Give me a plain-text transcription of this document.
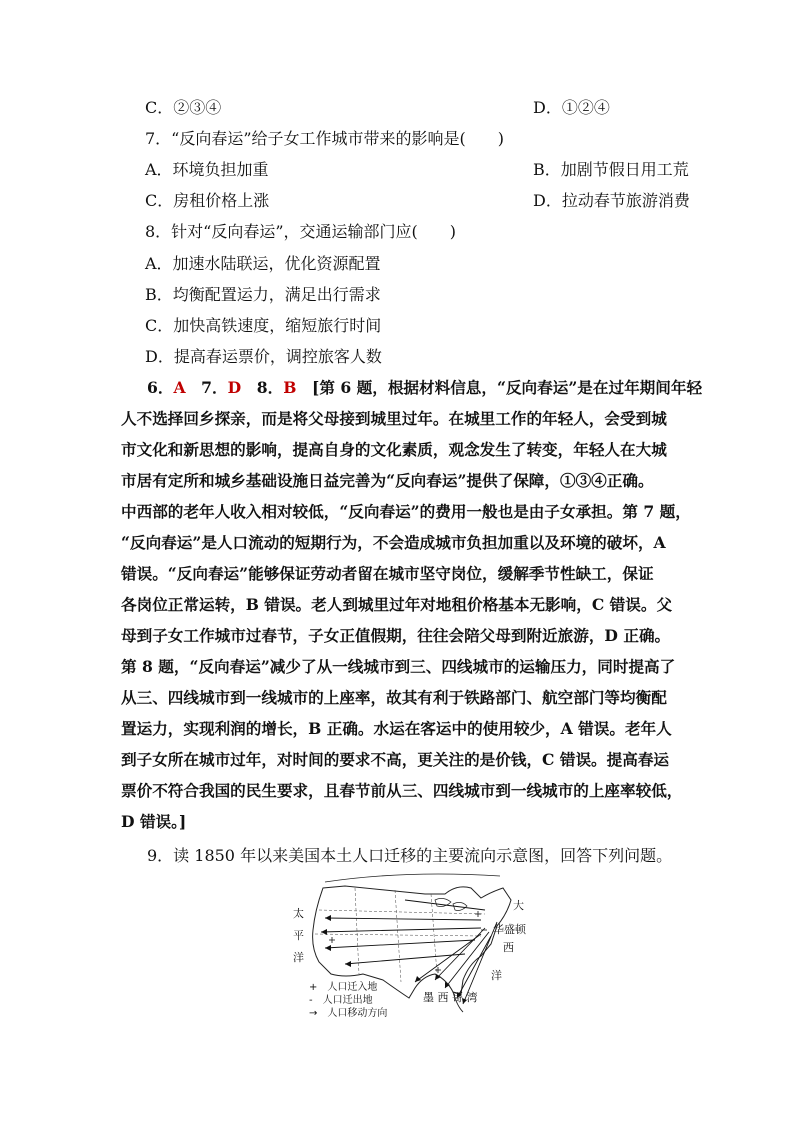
C．②③④	D．①②④
7．“反向春运”给子女工作城市带来的影响是(　　)
A．环境负担加重	B．加剧节假日用工荒
C．房租价格上涨	D．拉动春节旅游消费
8．针对“反向春运”，交通运输部门应(　　)
A．加速水陆联运，优化资源配置
B．均衡配置运力，满足出行需求
C．加快高铁速度，缩短旅行时间
D．提高春运票价，调控旅客人数
6．A　7．D　8．B　[第 6 题，根据材料信息，“反向春运”是在过年期间年轻
人不选择回乡探亲，而是将父母接到城里过年。在城里工作的年轻人，会受到城
市文化和新思想的影响，提高自身的文化素质，观念发生了转变，年轻人在大城
市居有定所和城乡基础设施日益完善为“反向春运”提供了保障，①③④正确。
中西部的老年人收入相对较低，“反向春运”的费用一般也是由子女承担。第 7 题，
“反向春运”是人口流动的短期行为，不会造成城市负担加重以及环境的破坏，A
错误。“反向春运”能够保证劳动者留在城市坚守岗位，缓解季节性缺工，保证
各岗位正常运转，B 错误。老人到城里过年对地租价格基本无影响，C 错误。父
母到子女工作城市过春节，子女正值假期，往往会陪父母到附近旅游，D 正确。
第 8 题，“反向春运”减少了从一线城市到三、四线城市的运输压力，同时提高了
从三、四线城市到一线城市的上座率，故其有利于铁路部门、航空部门等均衡配
置运力，实现利润的增长，B 正确。水运在客运中的使用较少，A 错误。老年人
到子女所在城市过年，对时间的要求不高，更关注的是价钱，C 错误。提高春运
票价不符合我国的民生要求，且春节前从三、四线城市到一线城市的上座率较低，
D 错误。]
9．读 1850 年以来美国本土人口迁移的主要流向示意图，回答下列问题。
太
平
洋
大
华盛顿
西
洋
墨 西 哥 湾
+　人口迁入地
-　人口迁出地
→　人口移动方向
